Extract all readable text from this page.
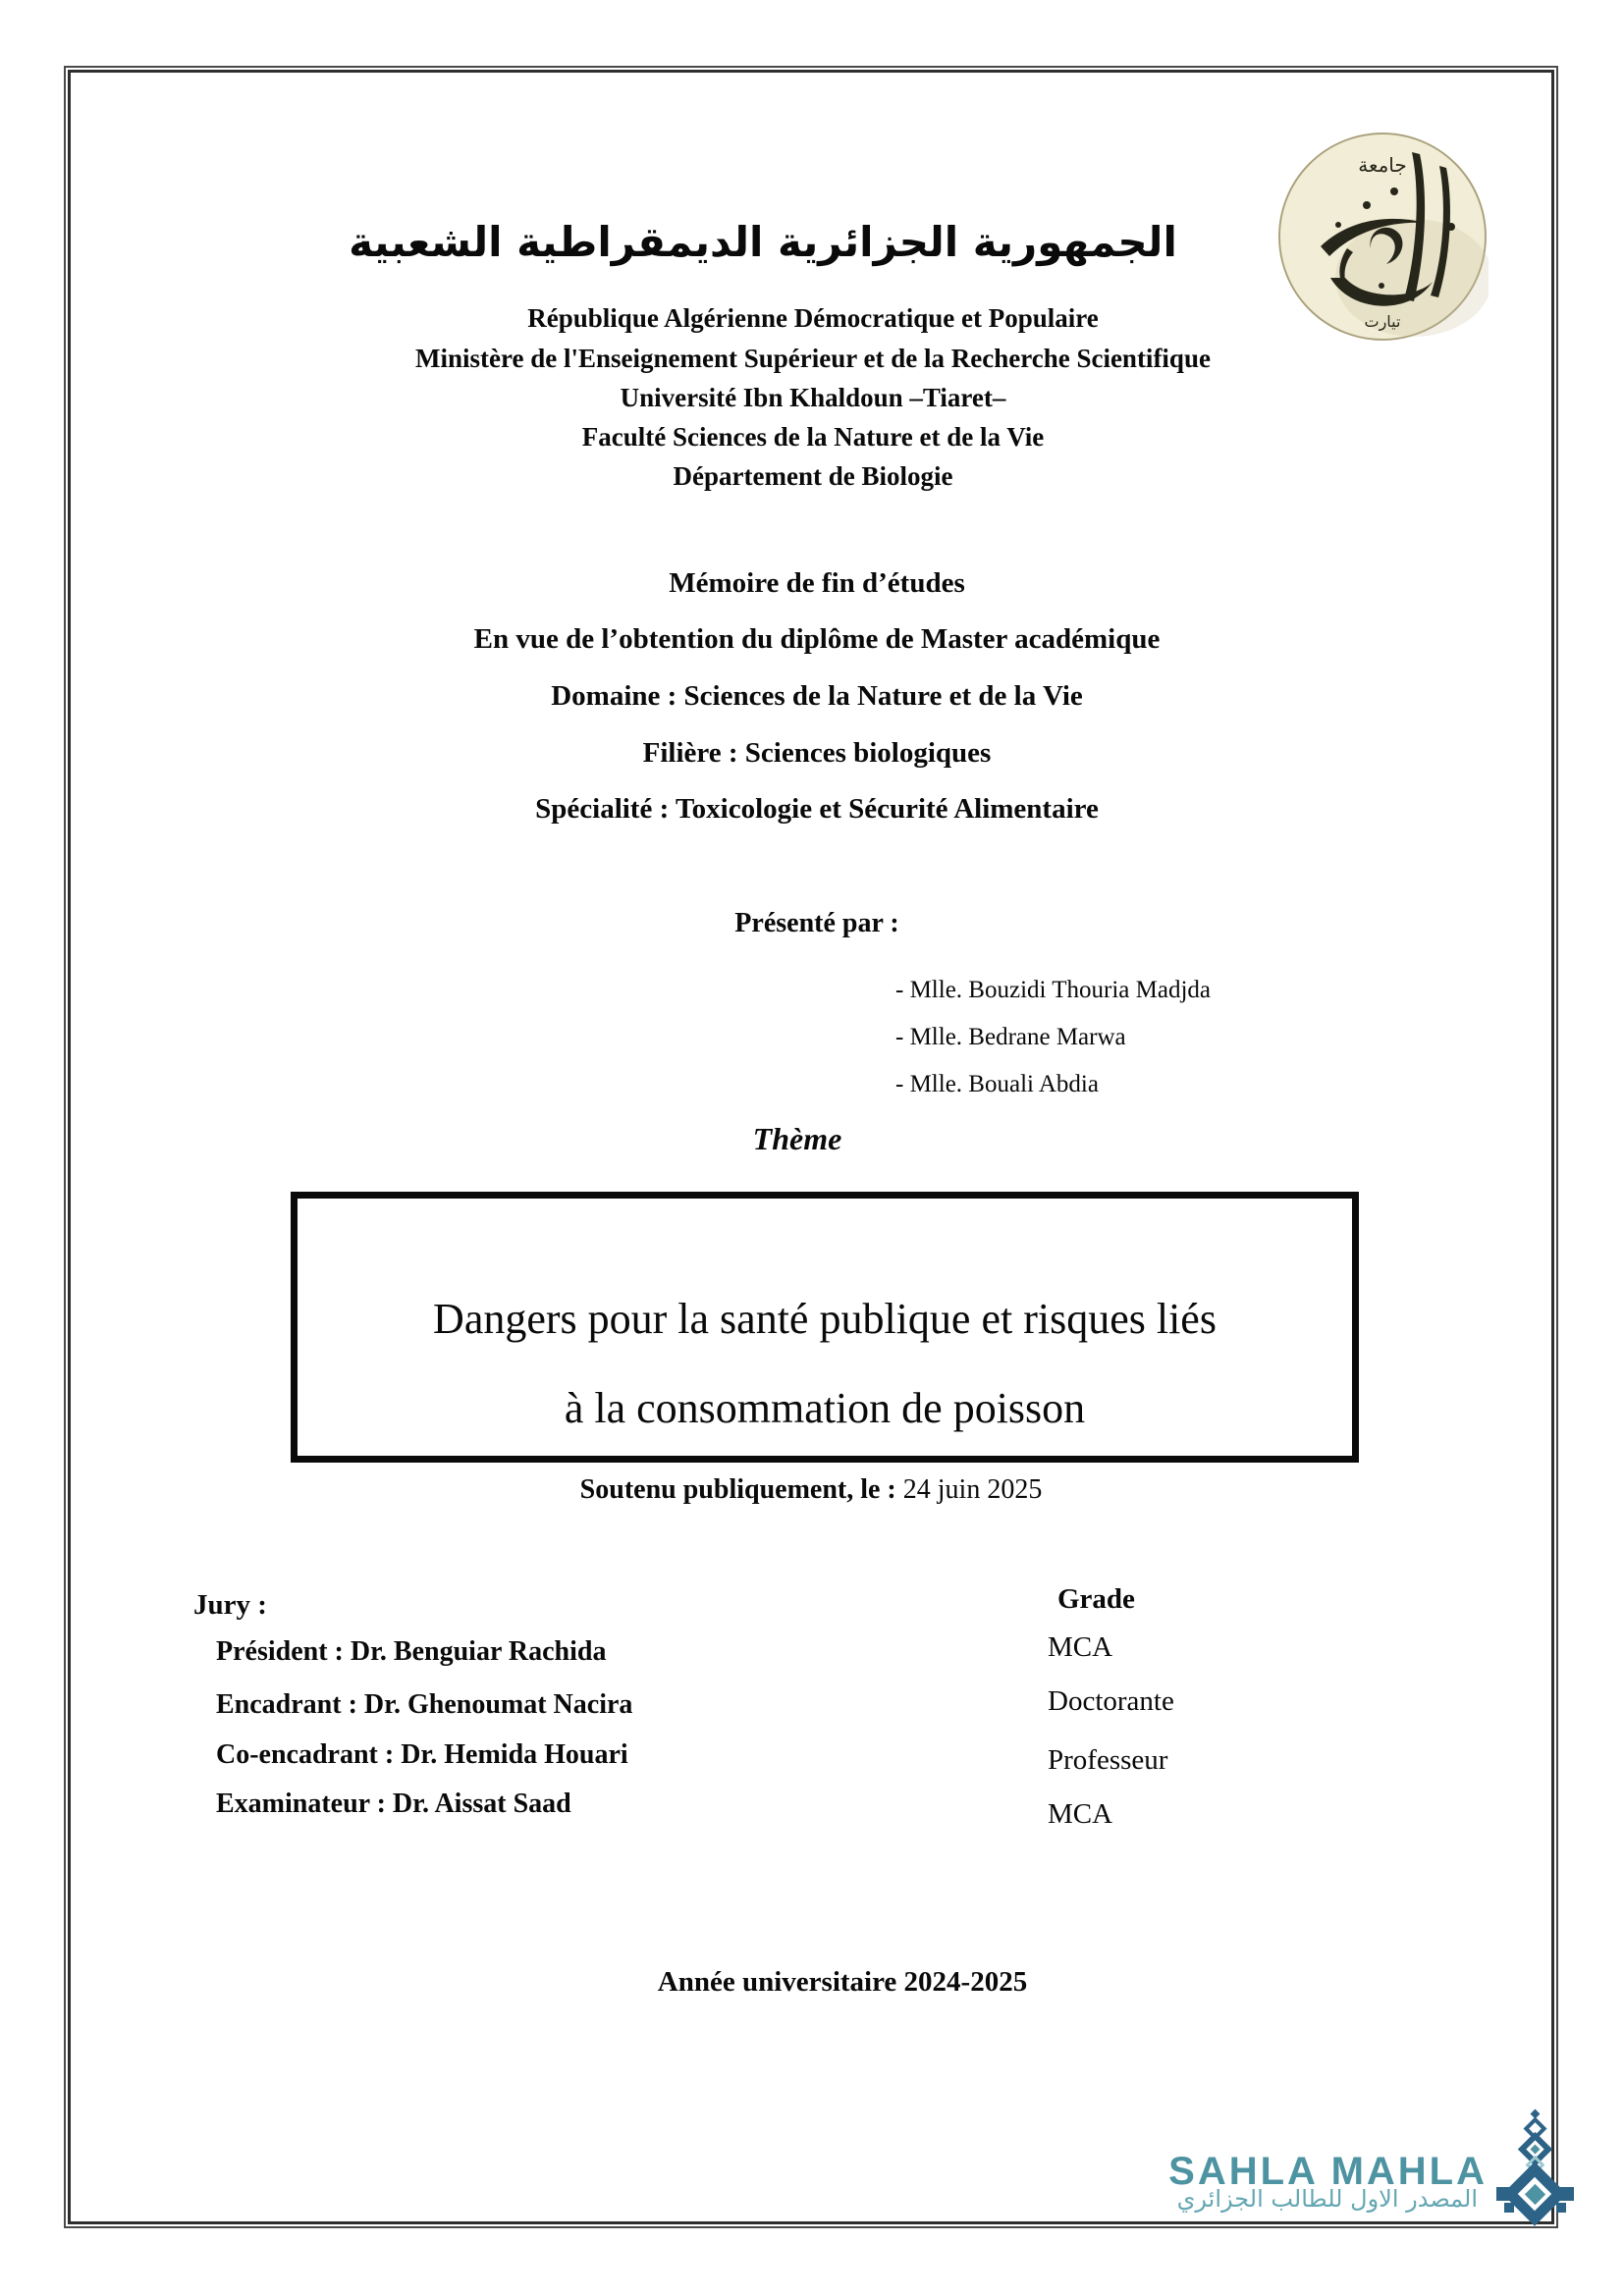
الجمهورية الجزائرية الديمقراطية الشعبية
جامعة
تيارت
République Algérienne Démocratique et Populaire
Ministère de l'Enseignement Supérieur et de la Recherche Scientifique
Université Ibn Khaldoun –Tiaret–
Faculté Sciences de la Nature et de la Vie
Département de Biologie
Mémoire de fin d’études
En vue de l’obtention du diplôme de Master académique
Domaine : Sciences de la Nature et de la Vie
Filière : Sciences biologiques
Spécialité : Toxicologie et Sécurité Alimentaire
Présenté par :
- Mlle. Bouzidi Thouria Madjda
- Mlle. Bedrane Marwa
- Mlle. Bouali Abdia
Thème
Dangers pour la santé publique et risques liés
à la consommation de poisson
Soutenu publiquement, le : 24 juin 2025
Jury :	Grade
Président : Dr. Benguiar Rachida
Encadrant : Dr. Ghenoumat Nacira
Co-encadrant : Dr. Hemida Houari
Examinateur : Dr. Aissat Saad
MCA
Doctorante
Professeur
MCA
Année universitaire 2024-2025
SAHLA MAHLA
المصدر الاول للطالب الجزائري
